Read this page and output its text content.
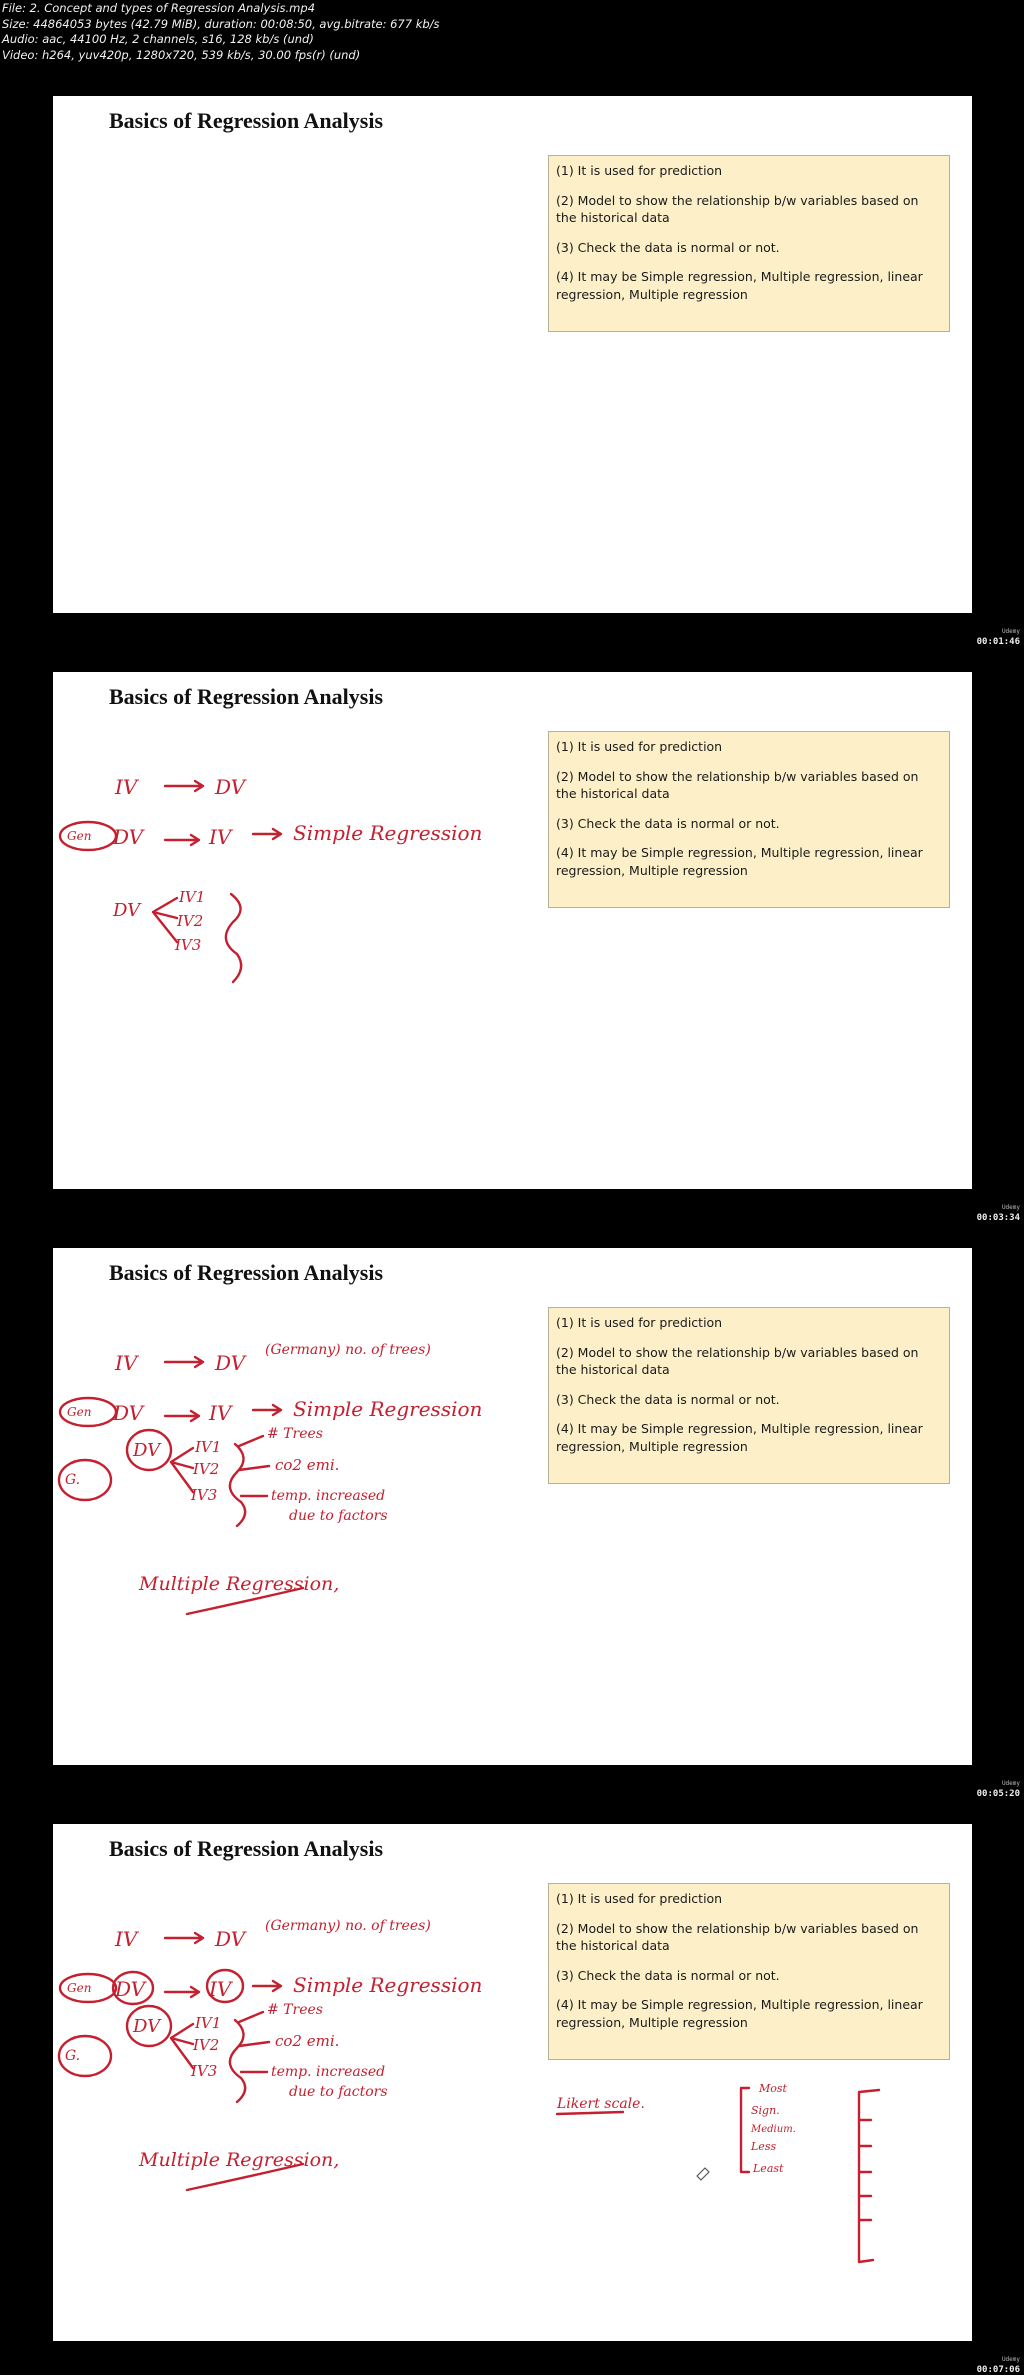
File: 2. Concept and types of Regression Analysis.mp4
Size: 44864053 bytes (42.79 MiB), duration: 00:08:50, avg.bitrate: 677 kb/s
Audio: aac, 44100 Hz, 2 channels, s16, 128 kb/s (und)
Video: h264, yuv420p, 1280x720, 539 kb/s, 30.00 fps(r) (und)
Basics of Regression Analysis
(1) It is used for prediction
(2) Model to show the relationship b/w variables based on the historical data
(3) Check the data is normal or not.
(4) It may be Simple regression, Multiple regression, linear regression, Multiple regression
Udemy
00:01:46
Basics of Regression Analysis
(1) It is used for prediction
(2) Model to show the relationship b/w variables based on the historical data
(3) Check the data is normal or not.
(4) It may be Simple regression, Multiple regression, linear regression, Multiple regression
IV	DV
Gen DV	IV	Simple Regression
DV
IV1
IV2
IV3
Udemy
00:03:34
Basics of Regression Analysis
(1) It is used for prediction
(2) Model to show the relationship b/w variables based on the historical data
(3) Check the data is normal or not.
(4) It may be Simple regression, Multiple regression, linear regression, Multiple regression
IV	DV
(Germany) no. of trees)
Gen DV	IV	Simple Regression
G.
DV IV1
IV2
IV3
# Trees
co2 emi.
temp. increased
due to factors
Multiple Regression,
Udemy
00:05:20
Basics of Regression Analysis
(1) It is used for prediction
(2) Model to show the relationship b/w variables based on the historical data
(3) Check the data is normal or not.
(4) It may be Simple regression, Multiple regression, linear regression, Multiple regression
IV	DV
(Germany) no. of trees)
Gen DV	IV	Simple Regression
G.
DV IV1
IV2
IV3
# Trees
co2 emi.
temp. increased
due to factors
Multiple Regression,
Likert scale.
Most
Sign.
Medium.
Less
Least
Udemy
00:07:06
